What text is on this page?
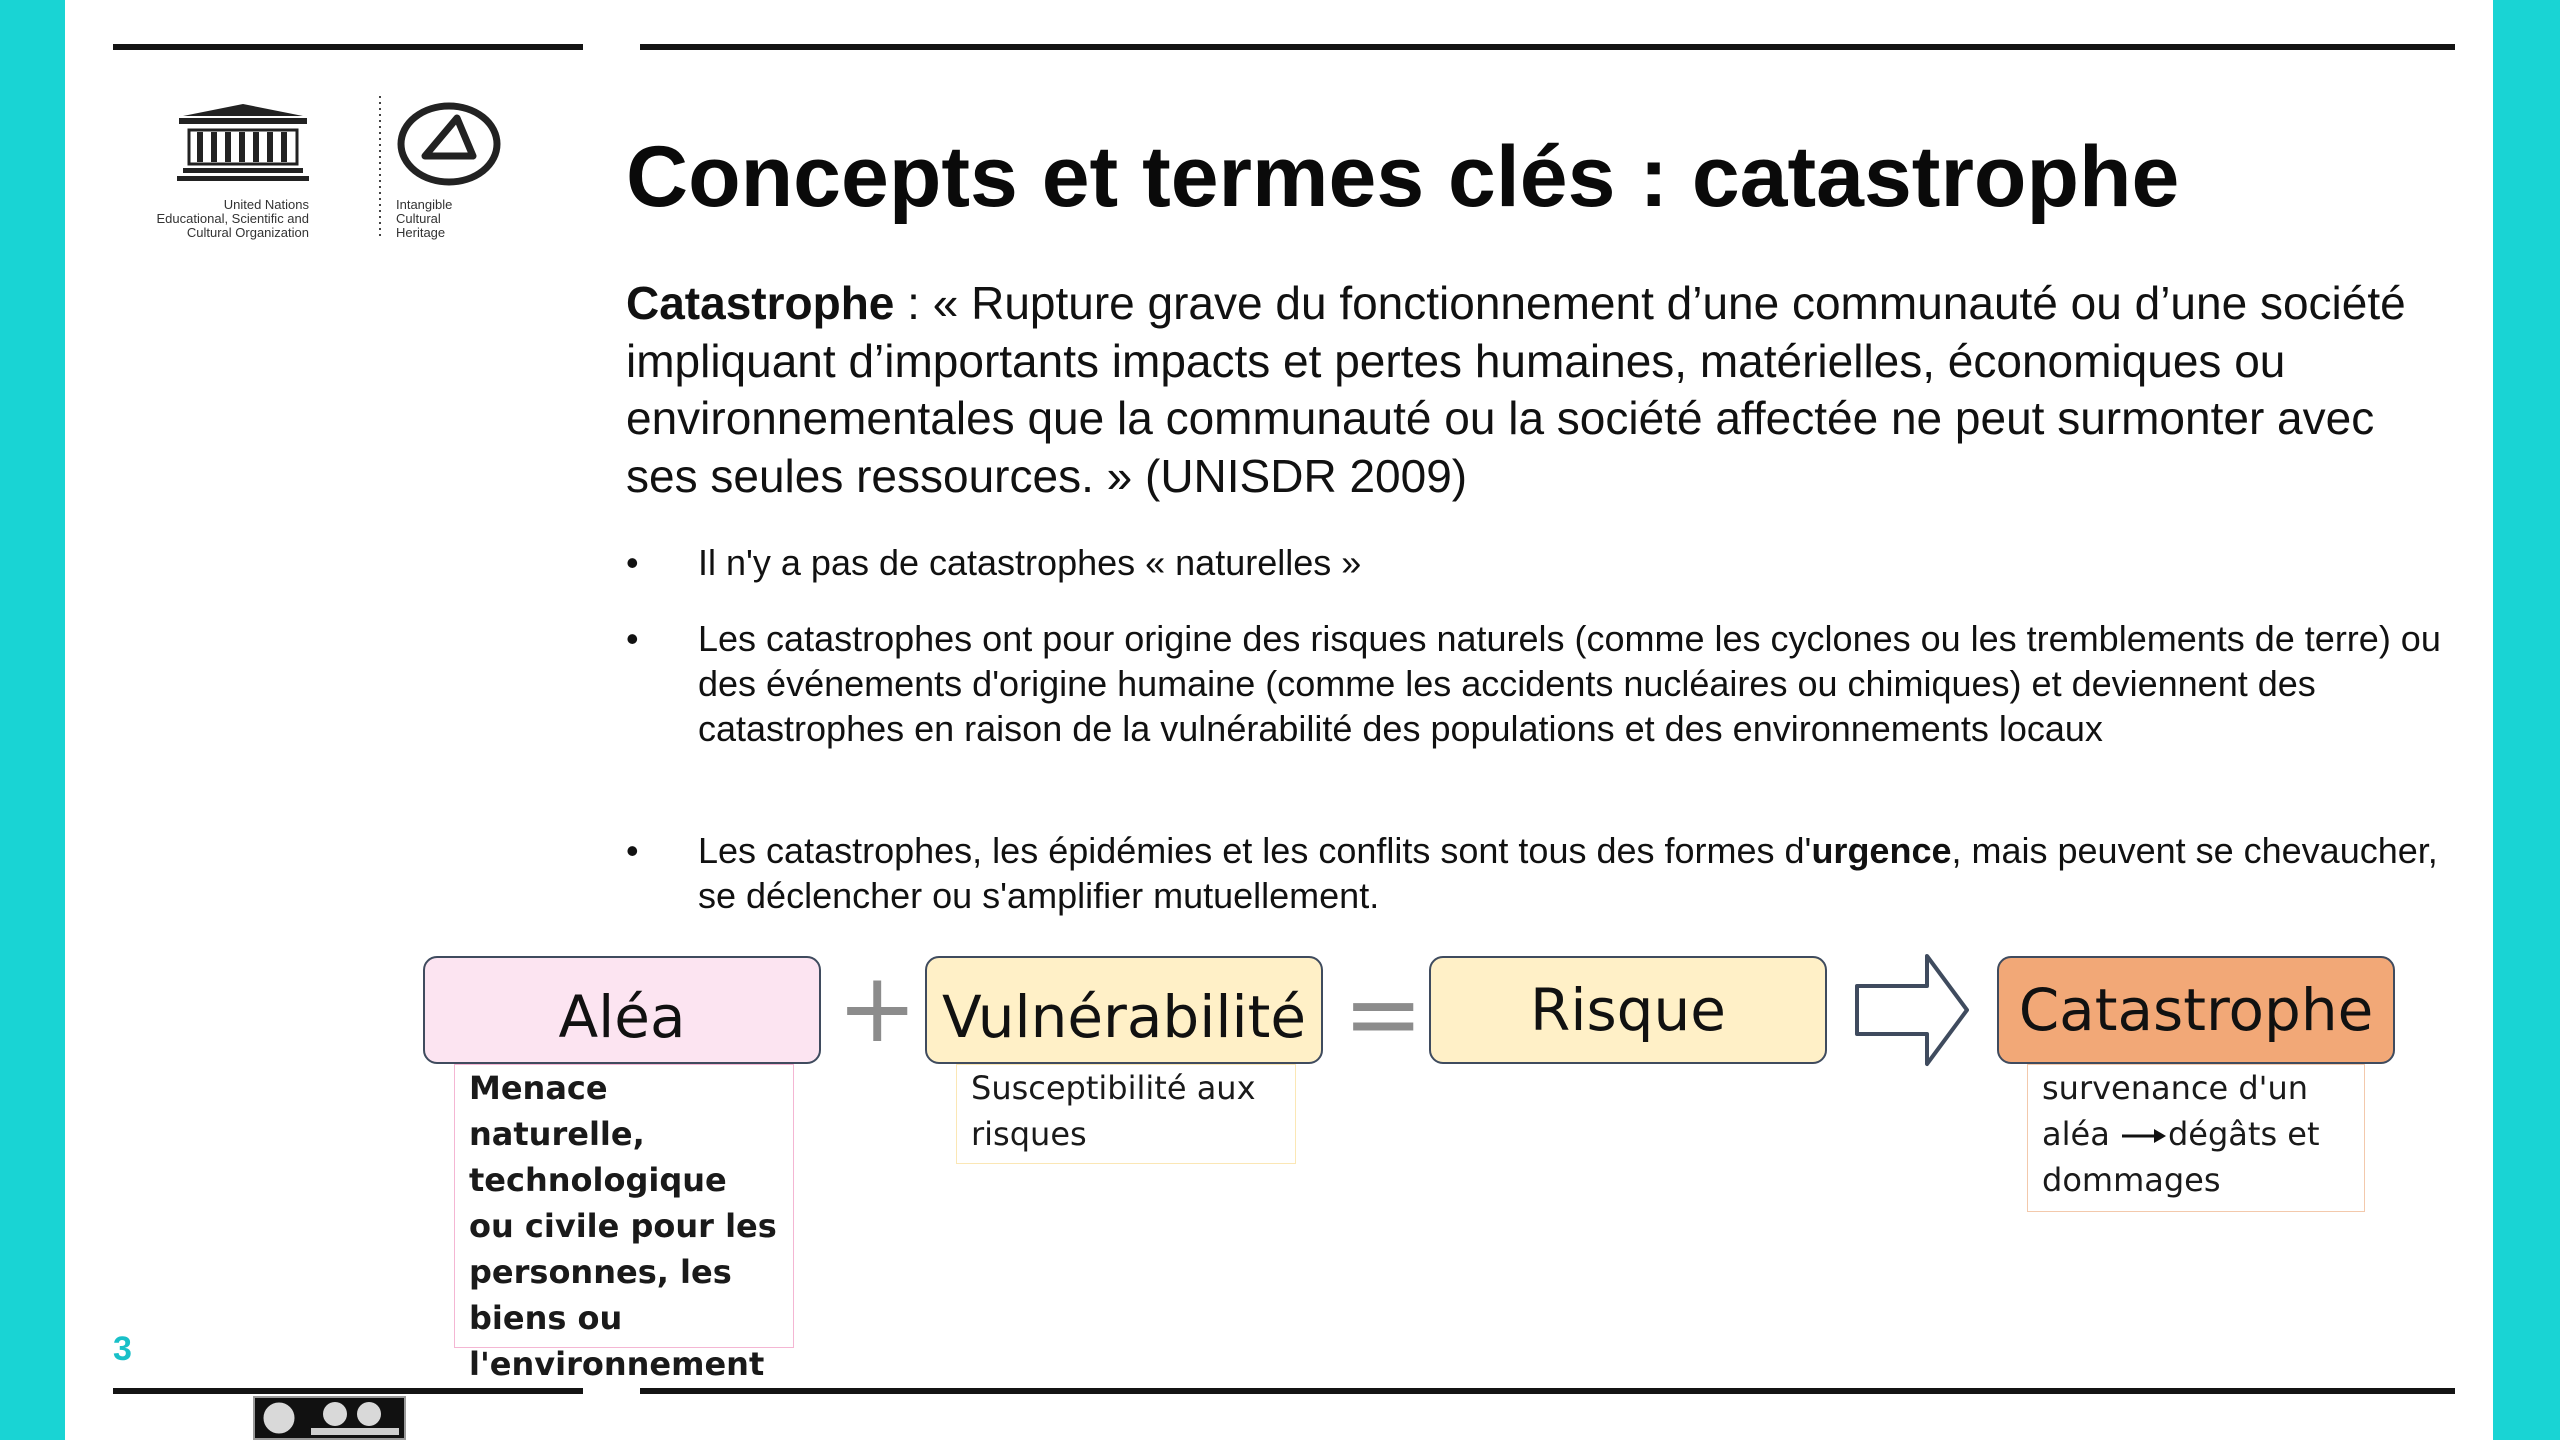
United Nations
Educational, Scientific and
Cultural Organization
Intangible
Cultural
Heritage
Concepts et termes clés : catastrophe
Catastrophe : « Rupture grave du fonctionnement d’une communauté ou d’une société impliquant d’importants impacts et pertes humaines, matérielles, économiques ou environnementales que la communauté ou la société affectée ne peut surmonter avec ses seules ressources. » (UNISDR 2009)
•	Il n'y a pas de catastrophes « naturelles »
•	Les catastrophes ont pour origine des risques naturels (comme les cyclones ou les tremblements de terre) ou des événements d'origine humaine (comme les accidents nucléaires ou chimiques) et deviennent des catastrophes en raison de la vulnérabilité des populations et des environnements locaux
•	Les catastrophes, les épidémies et les conflits sont tous des formes d'urgence, mais peuvent se chevaucher, se déclencher ou s'amplifier mutuellement.
Aléa	+ Vulnérabilité =	Risque	Catastrophe
Menace naturelle, technologique ou civile pour les personnes, les biens ou l'environnement
Susceptibilité aux risques
survenance d'un aléa dégâts et dommages
3
